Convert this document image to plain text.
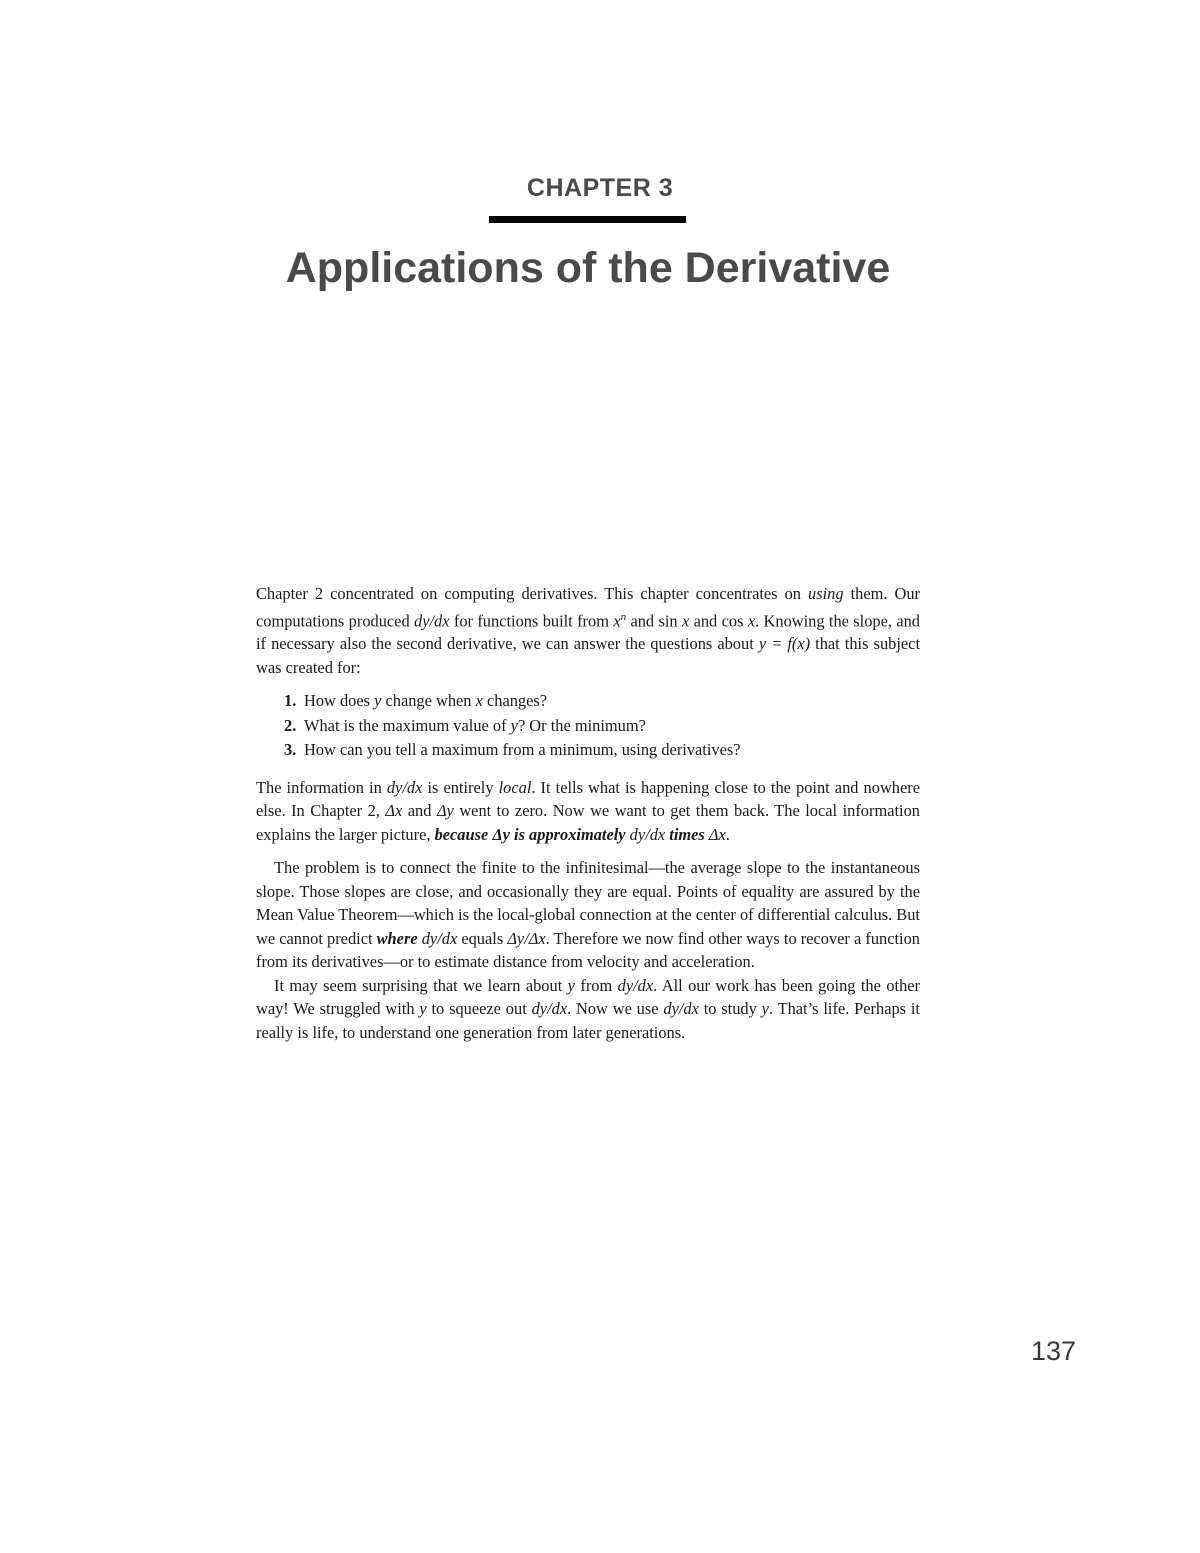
CHAPTER 3
Applications of the Derivative

Chapter 2 concentrated on computing derivatives. This chapter concentrates on using them. Our computations produced dy/dx for functions built from $x^n$ and sin x and cos x. Knowing the slope, and if necessary also the second derivative, we can answer the questions about y = f(x) that this subject was created for:

1. How does y change when x changes?
2. What is the maximum value of y? Or the minimum?
3. How can you tell a maximum from a minimum, using derivatives?

The information in dy/dx is entirely local. It tells what is happening close to the point and nowhere else. In Chapter 2, Δx and Δy went to zero. Now we want to get them back. The local information explains the larger picture, because Δy is approximately dy/dx times Δx.

The problem is to connect the finite to the infinitesimal—the average slope to the instantaneous slope. Those slopes are close, and occasionally they are equal. Points of equality are assured by the Mean Value Theorem—which is the local-global connection at the center of differential calculus. But we cannot predict where dy/dx equals Δy/Δx. Therefore we now find other ways to recover a function from its derivatives—or to estimate distance from velocity and acceleration.

It may seem surprising that we learn about y from dy/dx. All our work has been going the other way! We struggled with y to squeeze out dy/dx. Now we use dy/dx to study y. That’s life. Perhaps it really is life, to understand one generation from later generations.

137
